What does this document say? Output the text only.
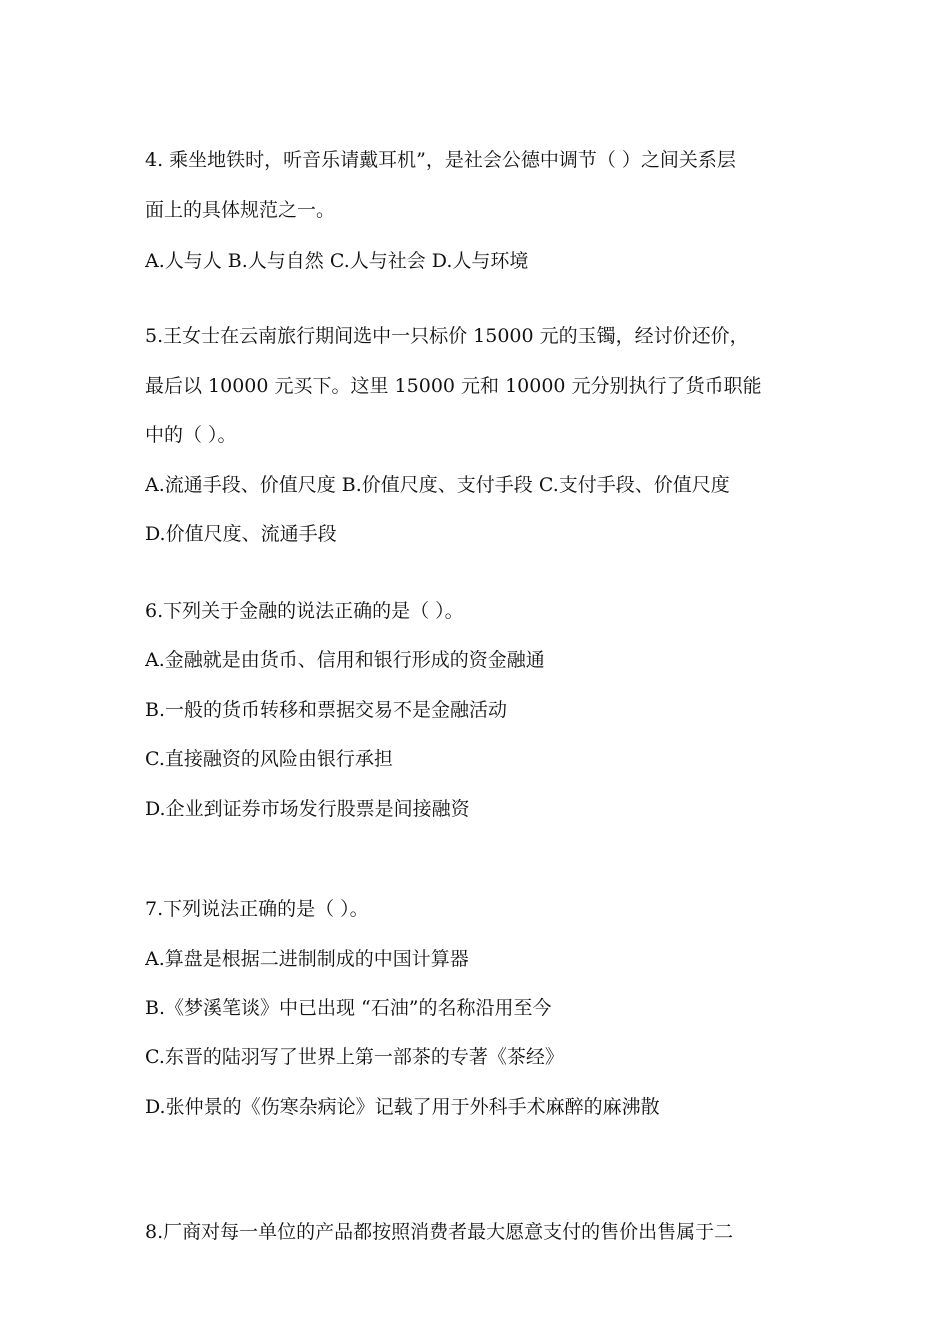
4. 乘坐地铁时，听音乐请戴耳机”，是社会公德中调节（ ）之间关系层
面上的具体规范之一。
A.人与人 B.人与自然 C.人与社会 D.人与环境
5.王女士在云南旅行期间选中一只标价 15000 元的玉镯，经讨价还价，
最后以 10000 元买下。这里 15000 元和 10000 元分别执行了货币职能
中的（ ）。
A.流通手段、价值尺度 B.价值尺度、支付手段 C.支付手段、价值尺度
D.价值尺度、流通手段
6.下列关于金融的说法正确的是（ ）。
A.金融就是由货币、信用和银行形成的资金融通
B.一般的货币转移和票据交易不是金融活动
C.直接融资的风险由银行承担
D.企业到证券市场发行股票是间接融资
7.下列说法正确的是（ ）。
A.算盘是根据二进制制成的中国计算器
B.《梦溪笔谈》中已出现 “石油”的名称沿用至今
C.东晋的陆羽写了世界上第一部茶的专著《茶经》
D.张仲景的《伤寒杂病论》记载了用于外科手术麻醉的麻沸散
8.厂商对每一单位的产品都按照消费者最大愿意支付的售价出售属于二
